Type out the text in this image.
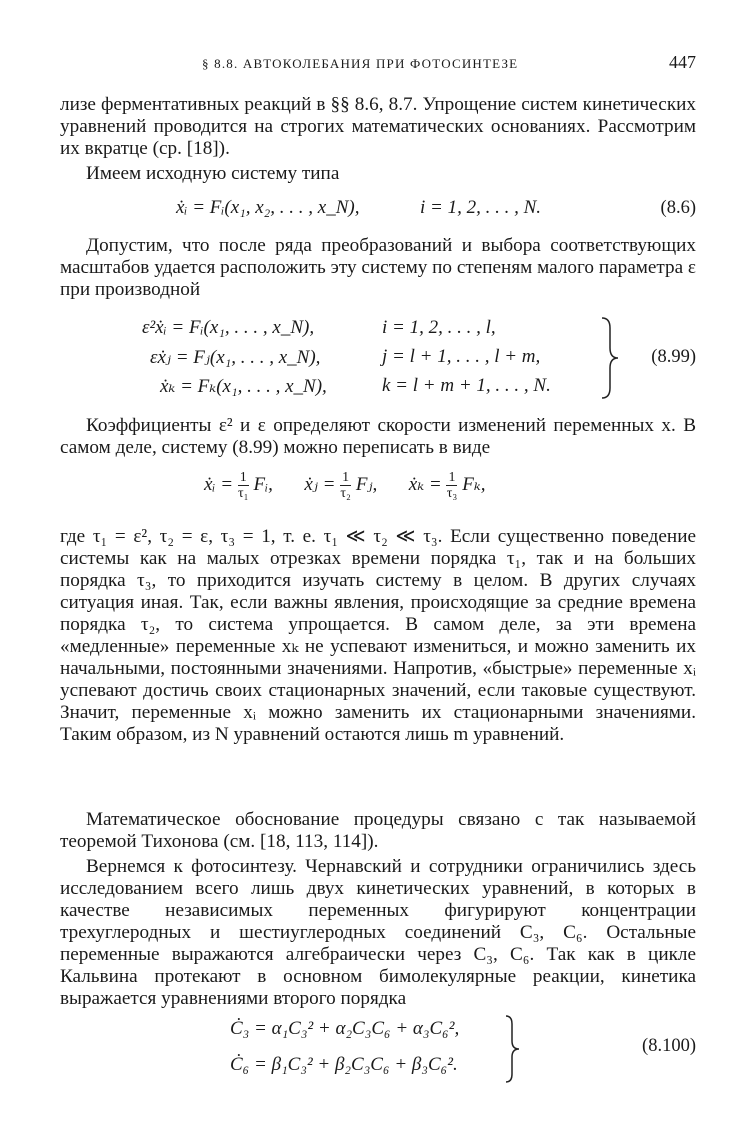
§ 8.8. АВТОКОЛЕБАНИЯ ПРИ ФОТОСИНТЕЗЕ	447
лизе ферментативных реакций в §§ 8.6, 8.7. Упрощение систем кинетических уравнений проводится на строгих математических основаниях. Рассмотрим их вкратце (ср. [18]).
Имеем исходную систему типа
ẋᵢ = Fᵢ(x₁, x₂, . . . , x_N),	i = 1, 2, . . . , N.	(8.6)
Допустим, что после ряда преобразований и выбора соответствующих масштабов удается расположить эту систему по степеням малого параметра ε при производной
ε²ẋᵢ = Fᵢ(x₁, . . . , x_N),	i = 1, 2, . . . , l,
εẋⱼ = Fⱼ(x₁, . . . , x_N),	j = l + 1, . . . , l + m,
ẋₖ = Fₖ(x₁, . . . , x_N),	k = l + m + 1, . . . , N.
(8.99)
Коэффициенты ε² и ε определяют скорости изменений переменных x. В самом деле, систему (8.99) можно переписать в виде
ẋᵢ = $\frac{1}{\text{τ₁}}$ Fᵢ, ẋⱼ = $\frac{1}{\text{τ₂}}$ Fⱼ, ẋₖ = $\frac{1}{\text{τ₃}} F_k$,
где τ₁ = ε², τ₂ = ε, τ₃ = 1, т. е. τ₁ ≪ τ₂ ≪ τ₃. Если существенно поведение системы как на малых отрезках времени порядка τ₁, так и на больших порядка τ₃, то приходится изучать систему в целом. В других случаях ситуация иная. Так, если важны явления, происходящие за средние времена порядка τ₂, то система упрощается. В самом деле, за эти времена «медленные» переменные xₖ не успевают измениться, и можно заменить их начальными, постоянными значениями. Напротив, «быстрые» переменные xᵢ успевают достичь своих стационарных значений, если таковые существуют. Значит, переменные xᵢ можно заменить их стационарными значениями. Таким образом, из N уравнений остаются лишь m уравнений.
Математическое обоснование процедуры связано с так называемой теоремой Тихонова (см. [18, 113, 114]).
Вернемся к фотосинтезу. Чернавский и сотрудники ограничились здесь исследованием всего лишь двух кинетических уравнений, в которых в качестве независимых переменных фигурируют концентрации трехуглеродных и шестиуглеродных соединений C₃, C₆. Остальные переменные выражаются алгебраически через C₃, C₆. Так как в цикле Кальвина протекают в основном бимолекулярные реакции, кинетика выражается уравнениями второго порядка
Ċ₃ = α₁C₃² + α₂C₃C₆ + α₃C₆²,
Ċ₆ = β₁C₃² + β₂C₃C₆ + β₃C₆².
(8.100)
